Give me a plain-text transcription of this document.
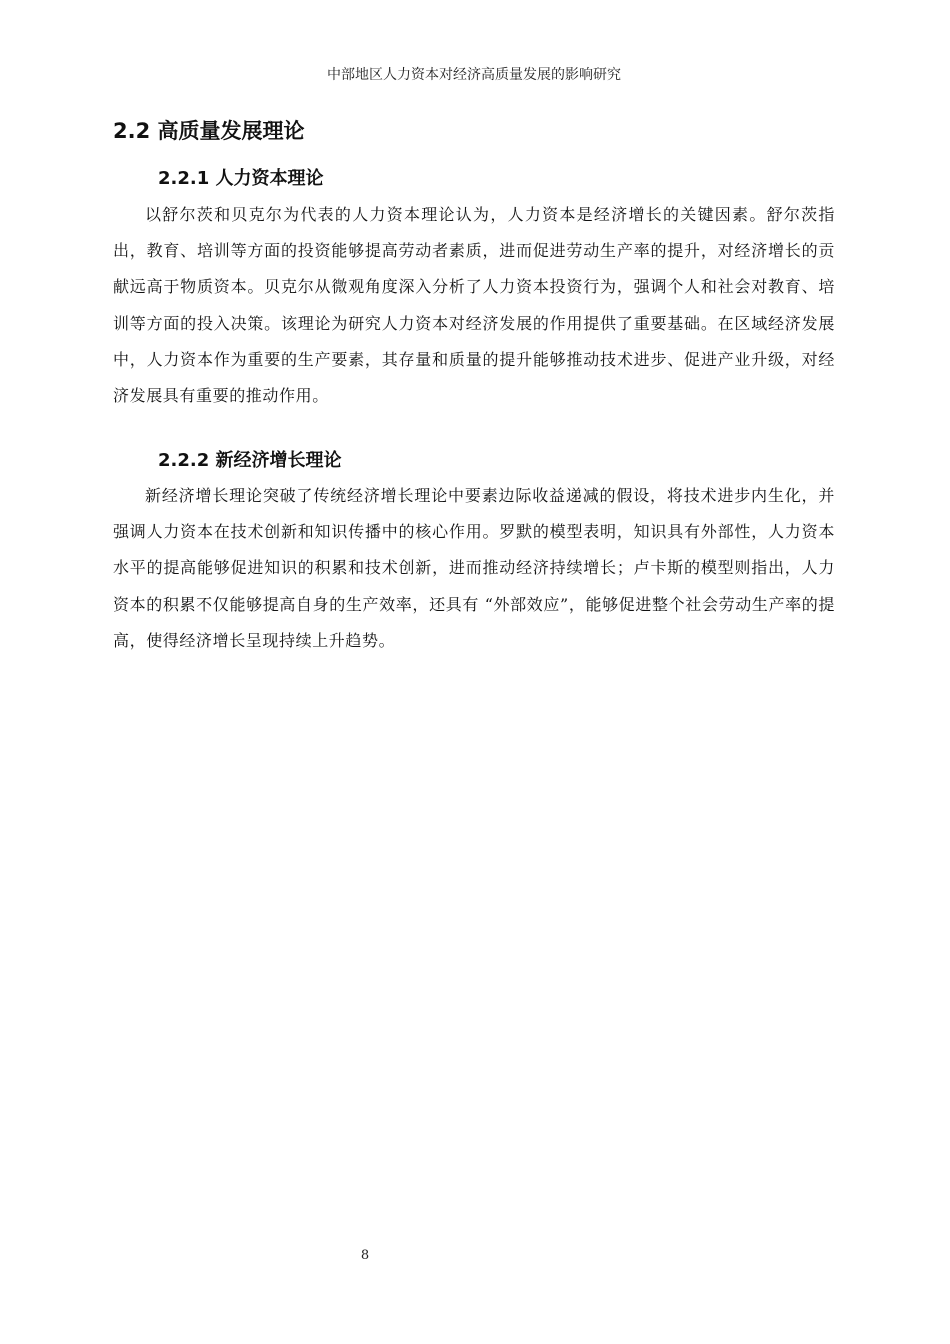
中部地区人力资本对经济高质量发展的影响研究
2.2 高质量发展理论
2.2.1 人力资本理论

以舒尔茨和贝克尔为代表的人力资本理论认为，人力资本是经济增长的关键因素。舒尔茨指出，教育、培训等方面的投资能够提高劳动者素质，进而促进劳动生产率的提升，对经济增长的贡献远高于物质资本。贝克尔从微观角度深入分析了人力资本投资行为，强调个人和社会对教育、培训等方面的投入决策。该理论为研究人力资本对经济发展的作用提供了重要基础。在区域经济发展中，人力资本作为重要的生产要素，其存量和质量的提升能够推动技术进步、促进产业升级，对经济发展具有重要的推动作用。

2.2.2 新经济增长理论

新经济增长理论突破了传统经济增长理论中要素边际收益递减的假设，将技术进步内生化，并强调人力资本在技术创新和知识传播中的核心作用。罗默的模型表明，知识具有外部性，人力资本水平的提高能够促进知识的积累和技术创新，进而推动经济持续增长；卢卡斯的模型则指出，人力资本的积累不仅能够提高自身的生产效率，还具有 “外部效应”，能够促进整个社会劳动生产率的提高，使得经济增长呈现持续上升趋势。

8
